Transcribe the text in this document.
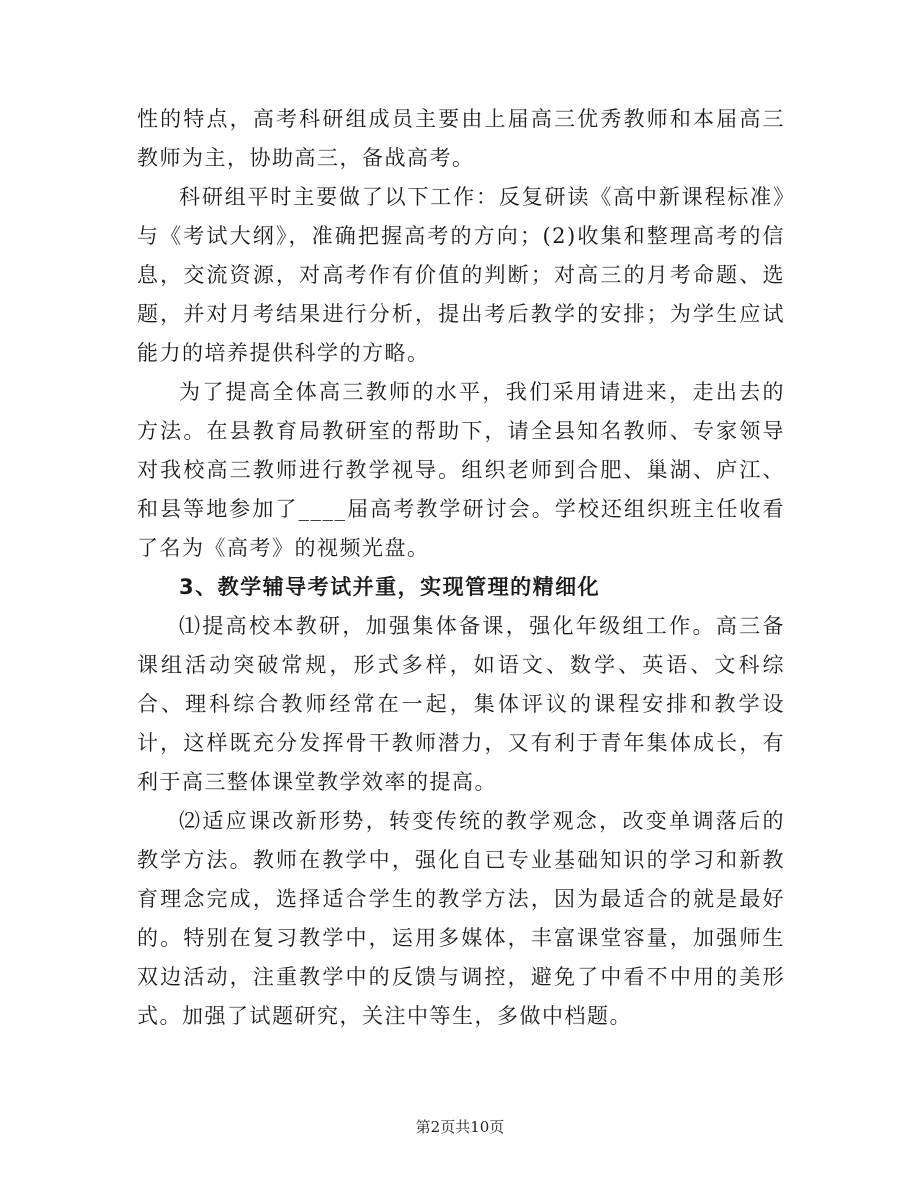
性的特点，高考科研组成员主要由上届高三优秀教师和本届高三教师为主，协助高三，备战高考。

科研组平时主要做了以下工作：反复研读《高中新课程标准》与《考试大纲》，准确把握高考的方向；(2)收集和整理高考的信息，交流资源，对高考作有价值的判断；对高三的月考命题、选题，并对月考结果进行分析，提出考后教学的安排；为学生应试能力的培养提供科学的方略。

为了提高全体高三教师的水平，我们采用请进来，走出去的方法。在县教育局教研室的帮助下，请全县知名教师、专家领导对我校高三教师进行教学视导。组织老师到合肥、巢湖、庐江、和县等地参加了____届高考教学研讨会。学校还组织班主任收看了名为《高考》的视频光盘。

3、教学辅导考试并重，实现管理的精细化

⑴提高校本教研，加强集体备课，强化年级组工作。高三备课组活动突破常规，形式多样，如语文、数学、英语、文科综合、理科综合教师经常在一起，集体评议的课程安排和教学设计，这样既充分发挥骨干教师潜力，又有利于青年集体成长，有利于高三整体课堂教学效率的提高。

⑵适应课改新形势，转变传统的教学观念，改变单调落后的教学方法。教师在教学中，强化自已专业基础知识的学习和新教育理念完成，选择适合学生的教学方法，因为最适合的就是最好的。特别在复习教学中，运用多媒体，丰富课堂容量，加强师生双边活动，注重教学中的反馈与调控，避免了中看不中用的美形式。加强了试题研究，关注中等生，多做中档题。

第2页共10页
